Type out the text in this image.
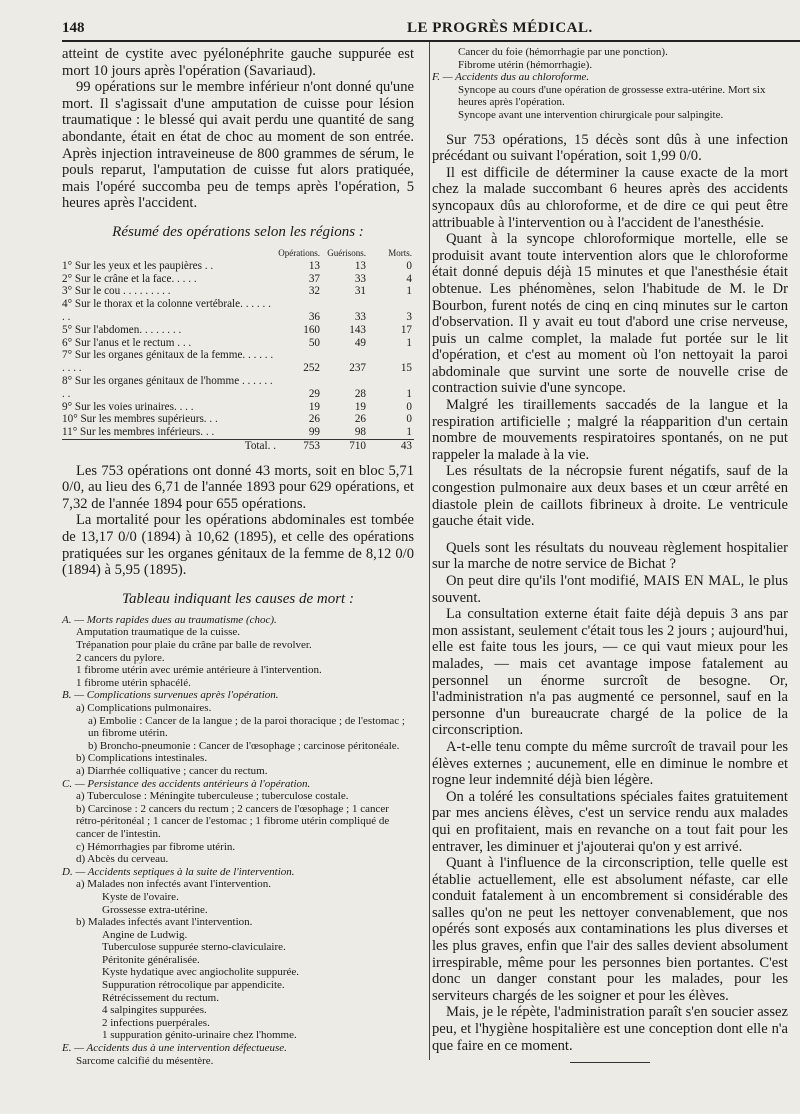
148	LE PROGRÈS MÉDICAL.

atteint de cystite avec pyélonéphrite gauche suppurée est mort 10 jours après l'opération (Savariaud).

99 opérations sur le membre inférieur n'ont donné qu'une mort. Il s'agissait d'une amputation de cuisse pour lésion traumatique : le blessé qui avait perdu une quantité de sang abondante, était en état de choc au moment de son entrée. Après injection intraveineuse de 800 grammes de sérum, le pouls reparut, l'amputation de cuisse fut alors pratiquée, mais l'opéré succomba peu de temps après l'opération, 5 heures après l'accident.

Résumé des opérations selon les régions :
	Opérations.	Guérisons.	Morts.
1° Sur les yeux et les paupières . .	13	13	0
2° Sur le crâne et la face. . . . .	37	33	4
3° Sur le cou . . . . . . . . .	32	31	1
4° Sur le thorax et la colonne vertébrale. . . . . . . .	36	33	3
5° Sur l'abdomen. . . . . . . .	160	143	17
6° Sur l'anus et le rectum . . .	50	49	1
7° Sur les organes génitaux de la femme. . . . . . . . . .	252	237	15
8° Sur les organes génitaux de l'homme . . . . . . . .	29	28	1
9° Sur les voies urinaires. . . .	19	19	0
10° Sur les membres supérieurs. . .	26	26	0
11° Sur les membres inférieurs. . .	99	98	1
Total. .	753	710	43

Les 753 opérations ont donné 43 morts, soit en bloc 5,71 0/0, au lieu des 6,71 de l'année 1893 pour 629 opérations, et 7,32 de l'année 1894 pour 655 opérations.

La mortalité pour les opérations abdominales est tombée de 13,17 0/0 (1894) à 10,62 (1895), et celle des opérations pratiquées sur les organes génitaux de la femme de 8,12 0/0 (1894) à 5,95 (1895).

Tableau indiquant les causes de mort :
A. — Morts rapides dues au traumatisme (choc).
Amputation traumatique de la cuisse.
Trépanation pour plaie du crâne par balle de revolver.
2 cancers du pylore.
1 fibrome utérin avec urémie antérieure à l'intervention.
1 fibrome utérin sphacélé.
B. — Complications survenues après l'opération.
a) Complications pulmonaires.
a) Embolie : Cancer de la langue ; de la paroi thoracique ; de l'estomac ; un fibrome utérin.
b) Broncho-pneumonie : Cancer de l'œsophage ; carcinose péritonéale.
b) Complications intestinales.
a) Diarrhée colliquative ; cancer du rectum.
C. — Persistance des accidents antérieurs à l'opération.
a) Tuberculose : Méningite tuberculeuse ; tuberculose costale.
b) Carcinose : 2 cancers du rectum ; 2 cancers de l'œsophage ; 1 cancer rétro-péritonéal ; 1 cancer de l'estomac ; 1 fibrome utérin compliqué de cancer de l'intestin.
c) Hémorrhagies par fibrome utérin.
d) Abcès du cerveau.
D. — Accidents septiques à la suite de l'intervention.
a) Malades non infectés avant l'intervention.
Kyste de l'ovaire.
Grossesse extra-utérine.
b) Malades infectés avant l'intervention.
Angine de Ludwig.
Tuberculose suppurée sterno-claviculaire.
Péritonite généralisée.
Kyste hydatique avec angiocholite suppurée.
Suppuration rétrocolique par appendicite.
Rétrécissement du rectum.
4 salpingites suppurées.
2 infections puerpérales.
1 suppuration génito-urinaire chez l'homme.
E. — Accidents dus à une intervention défectueuse.
Sarcome calcifié du mésentère.
Cancer du foie (hémorrhagie par une ponction).
Fibrome utérin (hémorrhagie).
F. — Accidents dus au chloroforme.
Syncope au cours d'une opération de grossesse extra-utérine. Mort six heures après l'opération.
Syncope avant une intervention chirurgicale pour salpingite.

Sur 753 opérations, 15 décès sont dûs à une infection précédant ou suivant l'opération, soit 1,99 0/0.

Il est difficile de déterminer la cause exacte de la mort chez la malade succombant 6 heures après des accidents syncopaux dûs au chloroforme, et de dire ce qui peut être attribuable à l'intervention ou à l'accident de l'anesthésie.

Quant à la syncope chloroformique mortelle, elle se produisit avant toute intervention alors que le chloroforme était donné depuis déjà 15 minutes et que l'anesthésie était obtenue. Les phénomènes, selon l'habitude de M. le Dr Bourbon, furent notés de cinq en cinq minutes sur le carton d'observation. Il y avait eu tout d'abord une crise nerveuse, puis un calme complet, la malade fut portée sur le lit d'opération, et c'est au moment où l'on nettoyait la paroi abdominale que survint une sorte de nouvelle crise de contraction suivie d'une syncope.

Malgré les tiraillements saccadés de la langue et la respiration artificielle ; malgré la réapparition d'un certain nombre de mouvements respiratoires spontanés, on ne put rappeler la malade à la vie.

Les résultats de la nécropsie furent négatifs, sauf de la congestion pulmonaire aux deux bases et un cœur arrêté en diastole plein de caillots fibrineux à droite. Le ventricule gauche était vide.

Quels sont les résultats du nouveau règlement hospitalier sur la marche de notre service de Bichat ?

On peut dire qu'ils l'ont modifié, MAIS EN MAL, le plus souvent.

La consultation externe était faite déjà depuis 3 ans par mon assistant, seulement c'était tous les 2 jours ; aujourd'hui, elle est faite tous les jours, — ce qui vaut mieux pour les malades, — mais cet avantage impose fatalement au personnel un énorme surcroît de besogne. Or, l'administration n'a pas augmenté ce personnel, sauf en la personne d'un bureaucrate chargé de la police de la circonscription.

A-t-elle tenu compte du même surcroît de travail pour les élèves externes ; aucunement, elle en diminue le nombre et rogne leur indemnité déjà bien légère.

On a toléré les consultations spéciales faites gratuitement par mes anciens élèves, c'est un service rendu aux malades qui en profitaient, mais en revanche on a tout fait pour les entraver, les diminuer et j'ajouterai qu'on y est arrivé.

Quant à l'influence de la circonscription, telle quelle est établie actuellement, elle est absolument néfaste, car elle conduit fatalement à un encombrement si considérable des salles qu'on ne peut les nettoyer convenablement, que nos opérés sont exposés aux contaminations les plus diverses et les plus graves, enfin que l'air des salles devient absolument irrespirable, même pour les personnes bien portantes. C'est donc un danger constant pour les malades, pour les serviteurs chargés de les soigner et pour les élèves.

Mais, je le répète, l'administration paraît s'en soucier assez peu, et l'hygiène hospitalière est une conception dont elle n'a que faire en ce moment.
